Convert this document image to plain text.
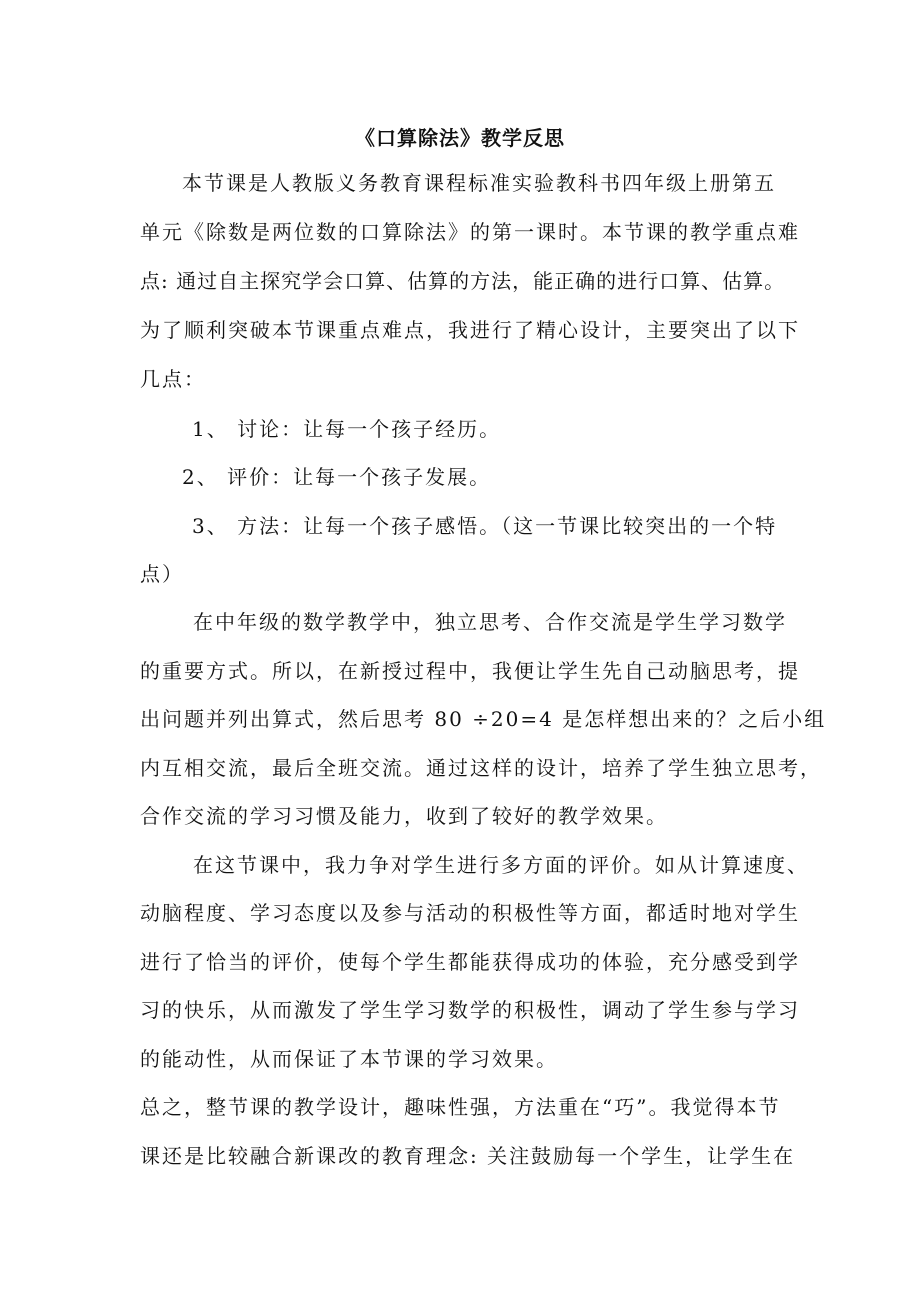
《口算除法》教学反思

本节课是人教版义务教育课程标准实验教科书四年级上册第五

单元《除数是两位数的口算除法》的第一课时。本节课的教学重点难

点: 通过自主探究学会口算、估算的方法，能正确的进行口算、估算。

为了顺利突破本节课重点难点，我进行了精心设计，主要突出了以下

几点：

1、 讨论：让每一个孩子经历。

2、 评价：让每一个孩子发展。

3、 方法：让每一个孩子感悟。（这一节课比较突出的一个特

点）

在中年级的数学教学中，独立思考、合作交流是学生学习数学

的重要方式。所以，在新授过程中，我便让学生先自己动脑思考，提

出问题并列出算式，然后思考 80 ÷20=4 是怎样想出来的？之后小组

内互相交流，最后全班交流。通过这样的设计，培养了学生独立思考，

合作交流的学习习惯及能力，收到了较好的教学效果。

在这节课中，我力争对学生进行多方面的评价。如从计算速度、

动脑程度、学习态度以及参与活动的积极性等方面，都适时地对学生

进行了恰当的评价，使每个学生都能获得成功的体验，充分感受到学

习的快乐，从而激发了学生学习数学的积极性，调动了学生参与学习

的能动性，从而保证了本节课的学习效果。

总之，整节课的教学设计，趣味性强，方法重在“巧”。我觉得本节

课还是比较融合新课改的教育理念: 关注鼓励每一个学生，让学生在
